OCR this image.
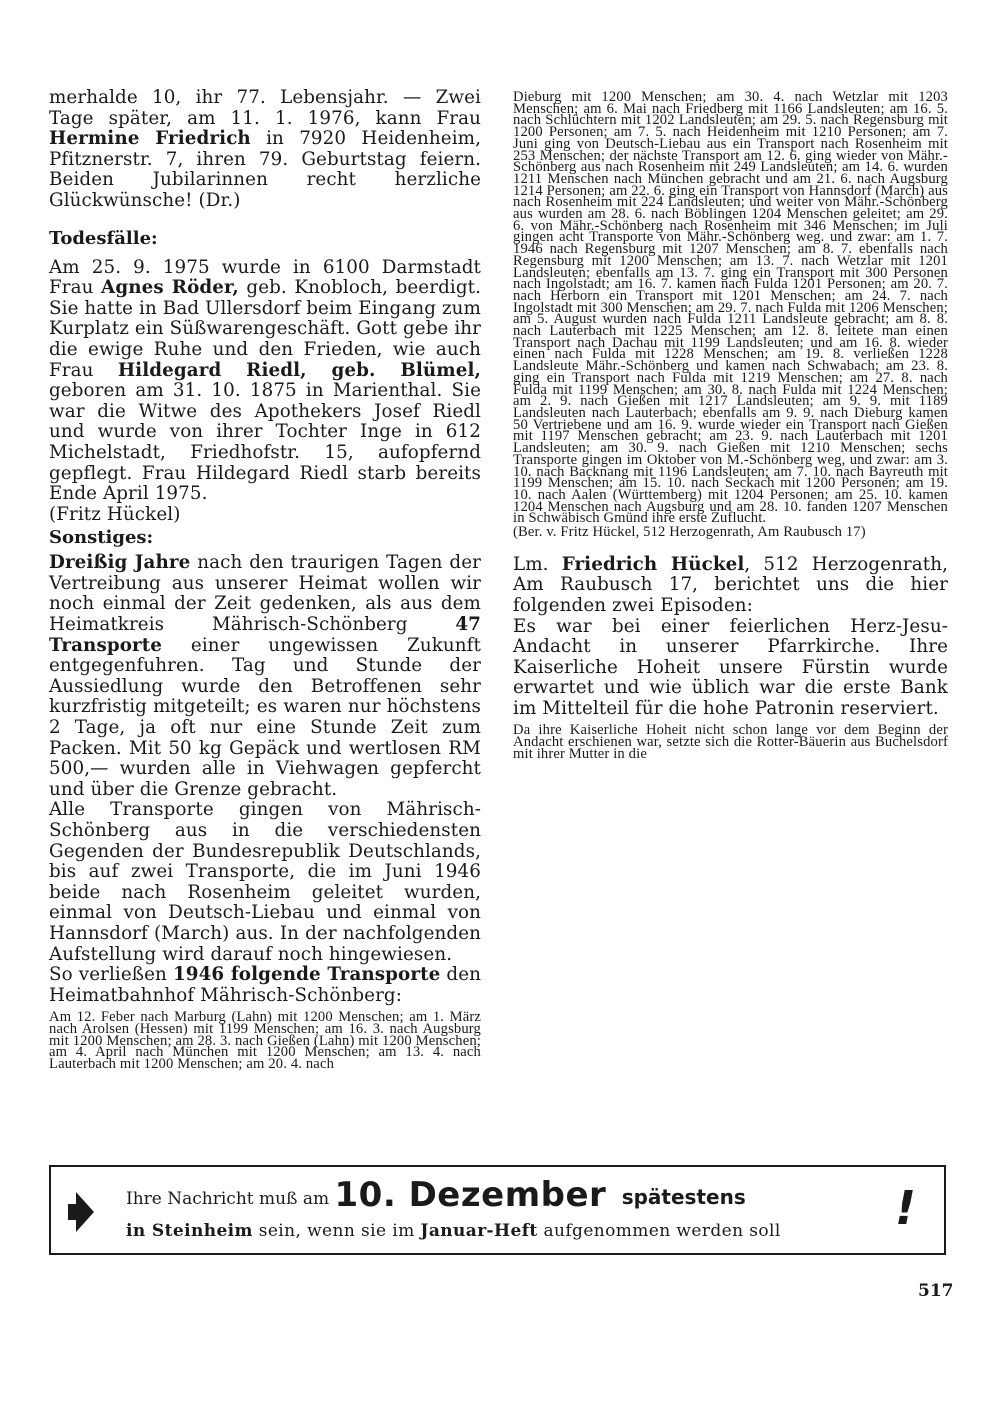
merhalde 10, ihr 77. Lebensjahr. — Zwei Tage später, am 11. 1. 1976, kann Frau Hermine Friedrich in 7920 Heidenheim, Pfitznerstr. 7, ihren 79. Geburtstag feiern. Beiden Jubilarinnen recht herzliche Glückwünsche! (Dr.)

Todesfälle:

Am 25. 9. 1975 wurde in 6100 Darmstadt Frau Agnes Röder, geb. Knobloch, beerdigt. Sie hatte in Bad Ullersdorf beim Eingang zum Kurplatz ein Süßwarengeschäft. Gott gebe ihr die ewige Ruhe und den Frieden, wie auch Frau Hildegard Riedl, geb. Blümel, geboren am 31. 10. 1875 in Marienthal. Sie war die Witwe des Apothekers Josef Riedl und wurde von ihrer Tochter Inge in 612 Michelstadt, Friedhofstr. 15, aufopfernd gepflegt. Frau Hildegard Riedl starb bereits Ende April 1975.
(Fritz Hückel)

Sonstiges:

Dreißig Jahre nach den traurigen Tagen der Vertreibung aus unserer Heimat wollen wir noch einmal der Zeit gedenken, als aus dem Heimatkreis Mährisch-Schönberg 47 Transporte einer ungewissen Zukunft entgegenfuhren. Tag und Stunde der Aussiedlung wurde den Betroffenen sehr kurzfristig mitgeteilt; es waren nur höchstens 2 Tage, ja oft nur eine Stunde Zeit zum Packen. Mit 50 kg Gepäck und wertlosen RM 500,— wurden alle in Viehwagen gepfercht und über die Grenze gebracht.

Alle Transporte gingen von Mährisch-Schönberg aus in die verschiedensten Gegenden der Bundesrepublik Deutschlands, bis auf zwei Transporte, die im Juni 1946 beide nach Rosenheim geleitet wurden, einmal von Deutsch-Liebau und einmal von Hannsdorf (March) aus. In der nachfolgenden Aufstellung wird darauf noch hingewiesen.

So verließen 1946 folgende Transporte den Heimatbahnhof Mährisch-Schönberg:

Am 12. Feber nach Marburg (Lahn) mit 1200 Menschen; am 1. März nach Arolsen (Hessen) mit 1199 Menschen; am 16. 3. nach Augsburg mit 1200 Menschen; am 28. 3. nach Gießen (Lahn) mit 1200 Menschen; am 4. April nach München mit 1200 Menschen; am 13. 4. nach Lauterbach mit 1200 Menschen; am 20. 4. nach

Dieburg mit 1200 Menschen; am 30. 4. nach Wetzlar mit 1203 Menschen; am 6. Mai nach Friedberg mit 1166 Landsleuten; am 16. 5. nach Schlüchtern mit 1202 Landsleuten; am 29. 5. nach Regensburg mit 1200 Personen; am 7. 5. nach Heidenheim mit 1210 Personen; am 7. Juni ging von Deutsch-Liebau aus ein Transport nach Rosenheim mit 253 Menschen; der nächste Transport am 12. 6. ging wieder von Mähr.-Schönberg aus nach Rosenheim mit 249 Landsleuten; am 14. 6. wurden 1211 Menschen nach München gebracht und am 21. 6. nach Augsburg 1214 Personen; am 22. 6. ging ein Transport von Hannsdorf (March) aus nach Rosenheim mit 224 Landsleuten; und weiter von Mähr.-Schönberg aus wurden am 28. 6. nach Böblingen 1204 Menschen geleitet; am 29. 6. von Mähr.-Schönberg nach Rosenheim mit 346 Menschen; im Juli gingen acht Transporte von Mähr.-Schönberg weg. und zwar: am 1. 7. 1946 nach Regensburg mit 1207 Menschen; am 8. 7. ebenfalls nach Regensburg mit 1200 Menschen; am 13. 7. nach Wetzlar mit 1201 Landsleuten; ebenfalls am 13. 7. ging ein Transport mit 300 Personen nach Ingolstadt; am 16. 7. kamen nach Fulda 1201 Personen; am 20. 7. nach Herborn ein Transport mit 1201 Menschen; am 24. 7. nach Ingolstadt mit 300 Menschen; am 29. 7. nach Fulda mit 1206 Menschen; am 5. August wurden nach Fulda 1211 Landsleute gebracht; am 8. 8. nach Lauterbach mit 1225 Menschen; am 12. 8. leitete man einen Transport nach Dachau mit 1199 Landsleuten; und am 16. 8. wieder einen nach Fulda mit 1228 Menschen; am 19. 8. verließen 1228 Landsleute Mähr.-Schönberg und kamen nach Schwabach; am 23. 8. ging ein Transport nach Fulda mit 1219 Menschen; am 27. 8. nach Fulda mit 1199 Menschen; am 30. 8. nach Fulda mit 1224 Menschen; am 2. 9. nach Gießen mit 1217 Landsleuten; am 9. 9. mit 1189 Landsleuten nach Lauterbach; ebenfalls am 9. 9. nach Dieburg kamen 50 Vertriebene und am 16. 9. wurde wieder ein Transport nach Gießen mit 1197 Menschen gebracht; am 23. 9. nach Lauterbach mit 1201 Landsleuten; am 30. 9. nach Gießen mit 1210 Menschen; sechs Transporte gingen im Oktober von M.-Schönberg weg, und zwar: am 3. 10. nach Backnang mit 1196 Landsleuten; am 7. 10. nach Bayreuth mit 1199 Menschen; am 15. 10. nach Seckach mit 1200 Personen; am 19. 10. nach Aalen (Württemberg) mit 1204 Personen; am 25. 10. kamen 1204 Menschen nach Augsburg und am 28. 10. fanden 1207 Menschen in Schwäbisch Gmünd ihre erste Zuflucht.

(Ber. v. Fritz Hückel, 512 Herzogenrath, Am Raubusch 17)

Lm. Friedrich Hückel, 512 Herzogenrath, Am Raubusch 17, berichtet uns die hier folgenden zwei Episoden:

Es war bei einer feierlichen Herz-Jesu-Andacht in unserer Pfarrkirche. Ihre Kaiserliche Hoheit unsere Fürstin wurde erwartet und wie üblich war die erste Bank im Mittelteil für die hohe Patronin reserviert.

Da ihre Kaiserliche Hoheit nicht schon lange vor dem Beginn der Andacht erschienen war, setzte sich die Rotter-Bäuerin aus Buchelsdorf mit ihrer Mutter in die

Ihre Nachricht muß am 10. Dezember spätestens
in Steinheim sein, wenn sie im Januar-Heft aufgenommen werden soll !
517
